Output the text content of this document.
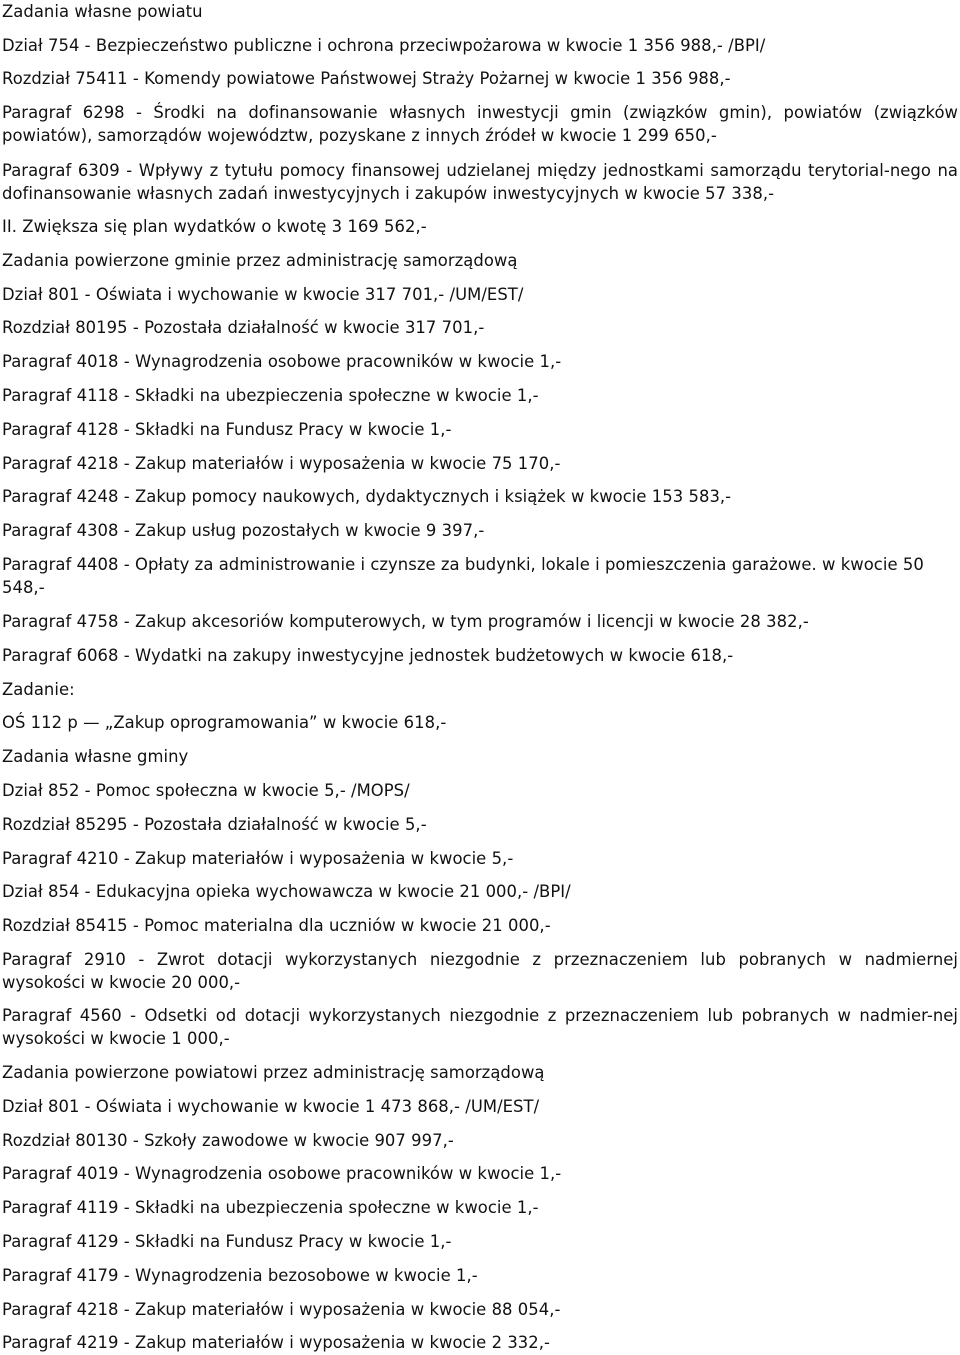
Zadania własne powiatu
Dział 754 - Bezpieczeństwo publiczne i ochrona przeciwpożarowa w kwocie 1 356 988,- /BPI/
Rozdział 75411 - Komendy powiatowe Państwowej Straży Pożarnej w kwocie 1 356 988,-
Paragraf 6298 - Środki na dofinansowanie własnych inwestycji gmin (związków gmin), powiatów (związków powiatów), samorządów województw, pozyskane z innych źródeł w kwocie 1 299 650,-
Paragraf 6309 - Wpływy z tytułu pomocy finansowej udzielanej między jednostkami samorządu terytorial-nego na dofinansowanie własnych zadań inwestycyjnych i zakupów inwestycyjnych w kwocie 57 338,-
II. Zwiększa się plan wydatków o kwotę 3 169 562,-
Zadania powierzone gminie przez administrację samorządową
Dział 801 - Oświata i wychowanie w kwocie 317 701,- /UM/EST/
Rozdział 80195 - Pozostała działalność w kwocie 317 701,-
Paragraf 4018 - Wynagrodzenia osobowe pracowników w kwocie 1,-
Paragraf 4118 - Składki na ubezpieczenia społeczne w kwocie 1,-
Paragraf 4128 - Składki na Fundusz Pracy w kwocie 1,-
Paragraf 4218 - Zakup materiałów i wyposażenia w kwocie 75 170,-
Paragraf 4248 - Zakup pomocy naukowych, dydaktycznych i książek w kwocie 153 583,-
Paragraf 4308 - Zakup usług pozostałych w kwocie 9 397,-
Paragraf 4408 - Opłaty za administrowanie i czynsze za budynki, lokale i pomieszczenia garażowe. w kwocie 50 548,-
Paragraf 4758 - Zakup akcesoriów komputerowych, w tym programów i licencji w kwocie 28 382,-
Paragraf 6068 - Wydatki na zakupy inwestycyjne jednostek budżetowych w kwocie 618,-
Zadanie:
OŚ 112 p — „Zakup oprogramowania” w kwocie 618,-
Zadania własne gminy
Dział 852 - Pomoc społeczna w kwocie 5,- /MOPS/
Rozdział 85295 - Pozostała działalność w kwocie 5,-
Paragraf 4210 - Zakup materiałów i wyposażenia w kwocie 5,-
Dział 854 - Edukacyjna opieka wychowawcza w kwocie 21 000,- /BPI/
Rozdział 85415 - Pomoc materialna dla uczniów w kwocie 21 000,-
Paragraf 2910 - Zwrot dotacji wykorzystanych niezgodnie z przeznaczeniem lub pobranych w nadmiernej wysokości w kwocie 20 000,-
Paragraf 4560 - Odsetki od dotacji wykorzystanych niezgodnie z przeznaczeniem lub pobranych w nadmier-nej wysokości w kwocie 1 000,-
Zadania powierzone powiatowi przez administrację samorządową
Dział 801 - Oświata i wychowanie w kwocie 1 473 868,- /UM/EST/
Rozdział 80130 - Szkoły zawodowe w kwocie 907 997,-
Paragraf 4019 - Wynagrodzenia osobowe pracowników w kwocie 1,-
Paragraf 4119 - Składki na ubezpieczenia społeczne w kwocie 1,-
Paragraf 4129 - Składki na Fundusz Pracy w kwocie 1,-
Paragraf 4179 - Wynagrodzenia bezosobowe w kwocie 1,-
Paragraf 4218 - Zakup materiałów i wyposażenia w kwocie 88 054,-
Paragraf 4219 - Zakup materiałów i wyposażenia w kwocie 2 332,-
